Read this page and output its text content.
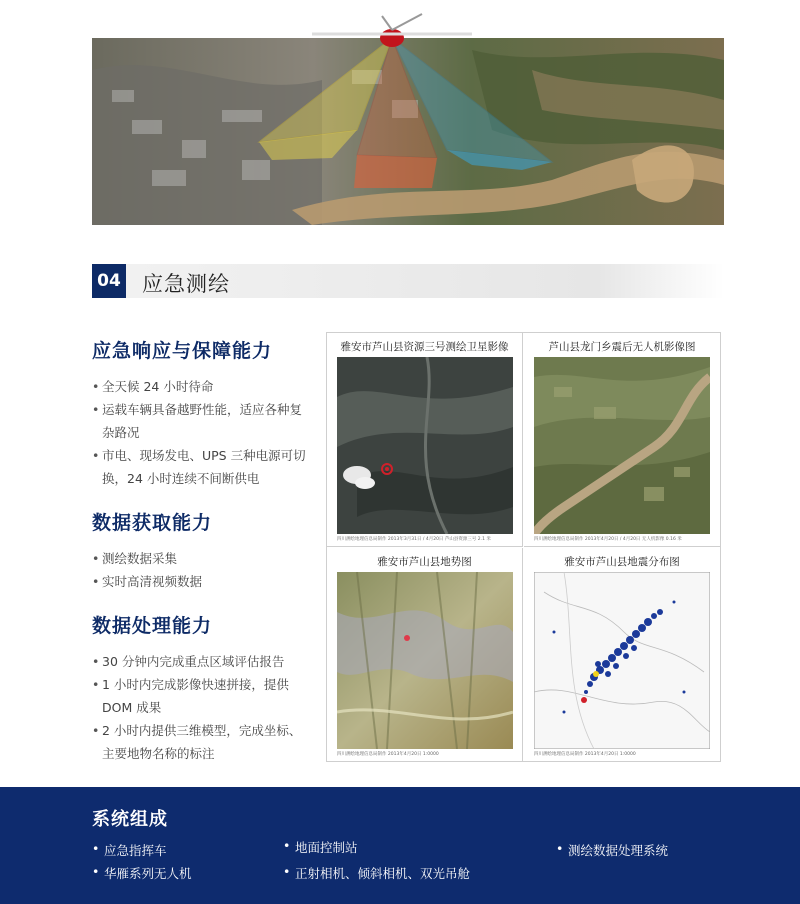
04 应急测绘
应急响应与保障能力
• 全天候 24 小时待命
• 运载车辆具备越野性能，适应各种复杂路况
• 市电、现场发电、UPS 三种电源可切换，24 小时连续不间断供电
数据获取能力
• 测绘数据采集
• 实时高清视频数据
数据处理能力
• 30 分钟内完成重点区域评估报告
• 1 小时内完成影像快速拼接，提供 DOM 成果
• 2 小时内提供三维模型，完成坐标、主要地物名称的标注
雅安市芦山县资源三号测绘卫星影像
四川测绘地理信息局制作 2013年3月31日 / 4月20日 芦山县资源三号 2.1 米
芦山县龙门乡震后无人机影像图
四川测绘地理信息局制作 2013年4月20日 / 4月20日 无人机影像 0.16 米
雅安市芦山县地势图
四川测绘地理信息局制作 2013年4月20日 1:0000
雅安市芦山县地震分布图
四川测绘地理信息局制作 2013年4月20日 1:0000
系统组成
• 应急指挥车	• 地面控制站	• 测绘数据处理系统
• 华雁系列无人机	• 正射相机、倾斜相机、双光吊舱
